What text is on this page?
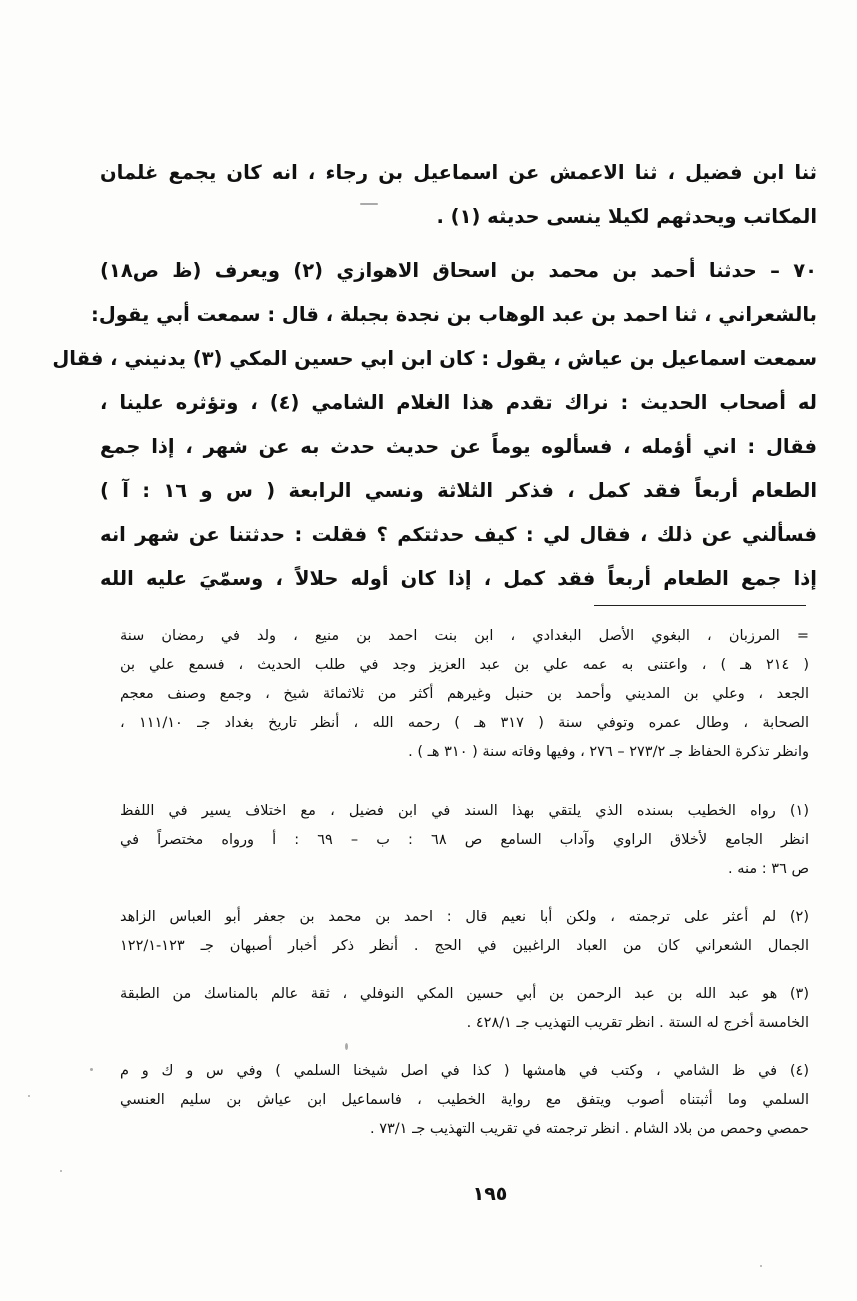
ثنا ابن فضيل ، ثنا الاعمش عن اسماعيل بن رجاء ، انه كان يجمع غلمان
المكاتب ويحدثهم لكيلا ينسى حديثه (١) .
٧٠ – حدثنا أحمد بن محمد بن اسحاق الاهوازي (٢) ويعرف (ظ ص١٨)
بالشعراني ، ثنا احمد بن عبد الوهاب بن نجدة بجبلة ، قال : سمعت أبي يقول:
سمعت اسماعيل بن عياش ، يقول : كان ابن ابي حسين المكي (٣) يدنيني ، فقال
له أصحاب الحديث : نراك تقدم هذا الغلام الشامي (٤) ، وتؤثره علينا ،
فقال : اني أؤمله ، فسألوه يوماً عن حديث حدث به عن شهر ، إذا جمع
الطعام أربعاً فقد كمل ، فذكر الثلاثة ونسي الرابعة ( س و ١٦ : آ )
فسألني عن ذلك ، فقال لي : كيف حدثتكم ؟ فقلت : حدثتنا عن شهر انه
إذا جمع الطعام أربعاً فقد كمل ، إذا كان أوله حلالاً ، وسمّيَ عليه الله
= المرزبان ، البغوي الأصل البغدادي ، ابن بنت احمد بن منيع ، ولد في رمضان سنة
( ٢١٤ هـ ) ، واعتنى به عمه علي بن عبد العزيز وجد في طلب الحديث ، فسمع علي بن
الجعد ، وعلي بن المديني وأحمد بن حنبل وغيرهم أكثر من ثلاثمائة شيخ ، وجمع وصنف معجم
الصحابة ، وطال عمره وتوفي سنة ( ٣١٧ هـ ) رحمه الله ، أنظر تاريخ بغداد جـ ١١١/١٠ ،
وانظر تذكرة الحفاظ جـ ٢٧٣/٢ – ٢٧٦ ، وفيها وفاته سنة ( ٣١٠ هـ ) .
(١) رواه الخطيب بسنده الذي يلتقي بهذا السند في ابن فضيل ، مع اختلاف يسير في اللفظ
انظر الجامع لأخلاق الراوي وآداب السامع ص ٦٨ : ب – ٦٩ : أ ورواه مختصراً في
ص ٣٦ : منه .
(٢) لم أعثر على ترجمته ، ولكن أبا نعيم قال : احمد بن محمد بن جعفر أبو العباس الزاهد
الجمال الشعراني كان من العباد الراغبين في الحج . أنظر ذكر أخبار أصبهان جـ ١٢٣-١٢٢/١
(٣) هو عبد الله بن عبد الرحمن بن أبي حسين المكي النوفلي ، ثقة عالم بالمناسك من الطبقة
الخامسة أخرج له الستة . انظر تقريب التهذيب جـ ٤٢٨/١ .
(٤) في ظ الشامي ، وكتب في هامشها ( كذا في اصل شيخنا السلمي ) وفي س و ك و م
السلمي وما أثبتناه أصوب ويتفق مع رواية الخطيب ، فاسماعيل ابن عياش بن سليم العنسي
حمصي وحمص من بلاد الشام . انظر ترجمته في تقريب التهذيب جـ ٧٣/١ .
١٩٥
